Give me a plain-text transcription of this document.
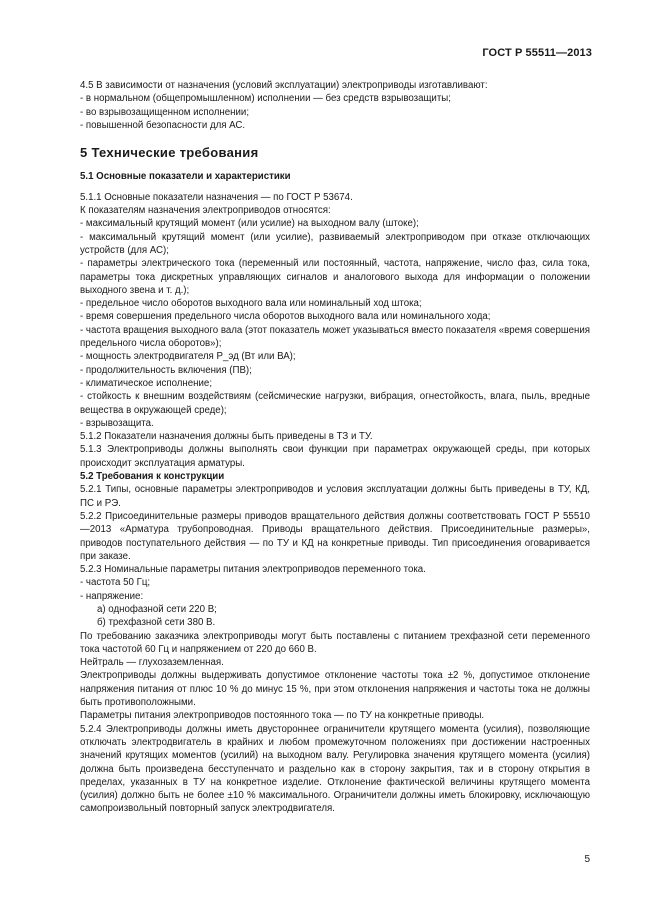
ГОСТ Р 55511—2013

4.5 В зависимости от назначения (условий эксплуатации) электроприводы изготавливают:

- в нормальном (общепромышленном) исполнении — без средств взрывозащиты;

- во взрывозащищенном исполнении;

- повышенной безопасности для АС.

5 Технические требования

5.1 Основные показатели и характеристики

5.1.1 Основные показатели назначения — по ГОСТ Р 53674.

К показателям назначения электроприводов относятся:

- максимальный крутящий момент (или усилие) на выходном валу (штоке);

- максимальный крутящий момент (или усилие), развиваемый электроприводом при отказе отключающих устройств (для АС);

- параметры электрического тока (переменный или постоянный, частота, напряжение, число фаз, сила тока, параметры тока дискретных управляющих сигналов и аналогового выхода для информации о положении выходного звена и т. д.);

- предельное число оборотов выходного вала или номинальный ход штока;

- время совершения предельного числа оборотов выходного вала или номинального хода;

- частота вращения выходного вала (этот показатель может указываться вместо показателя «время совершения предельного числа оборотов»);

- мощность электродвигателя P_эд (Вт или ВА);

- продолжительность включения (ПВ);

- климатическое исполнение;

- стойкость к внешним воздействиям (сейсмические нагрузки, вибрация, огнестойкость, влага, пыль, вредные вещества в окружающей среде);

- взрывозащита.

5.1.2 Показатели назначения должны быть приведены в ТЗ и ТУ.

5.1.3 Электроприводы должны выполнять свои функции при параметрах окружающей среды, при которых происходит эксплуатация арматуры.

5.2 Требования к конструкции

5.2.1 Типы, основные параметры электроприводов и условия эксплуатации должны быть приведены в ТУ, КД, ПС и РЭ.

5.2.2 Присоединительные размеры приводов вращательного действия должны соответствовать ГОСТ Р 55510—2013 «Арматура трубопроводная. Приводы вращательного действия. Присоединительные размеры», приводов поступательного действия — по ТУ и КД на конкретные приводы. Тип присоединения оговаривается при заказе.

5.2.3 Номинальные параметры питания электроприводов переменного тока.

- частота 50 Гц;

- напряжение:

а) однофазной сети 220 В;

б) трехфазной сети 380 В.

По требованию заказчика электроприводы могут быть поставлены с питанием трехфазной сети переменного тока частотой 60 Гц и напряжением от 220 до 660 В.

Нейтраль — глухозаземленная.

Электроприводы должны выдерживать допустимое отклонение частоты тока ±2 %, допустимое отклонение напряжения питания от плюс 10 % до минус 15 %, при этом отклонения напряжения и частоты тока не должны быть противоположными.

Параметры питания электроприводов постоянного тока — по ТУ на конкретные приводы.

5.2.4 Электроприводы должны иметь двустороннее ограничители крутящего момента (усилия), позволяющие отключать электродвигатель в крайних и любом промежуточном положениях при достижении настроенных значений крутящих моментов (усилий) на выходном валу. Регулировка значения крутящего момента (усилия) должна быть произведена бесступенчато и раздельно как в сторону закрытия, так и в сторону открытия в пределах, указанных в ТУ на конкретное изделие. Отклонение фактической величины крутящего момента (усилия) должно быть не более ±10 % максимального. Ограничители должны иметь блокировку, исключающую самопроизвольный повторный запуск электродвигателя.

5
